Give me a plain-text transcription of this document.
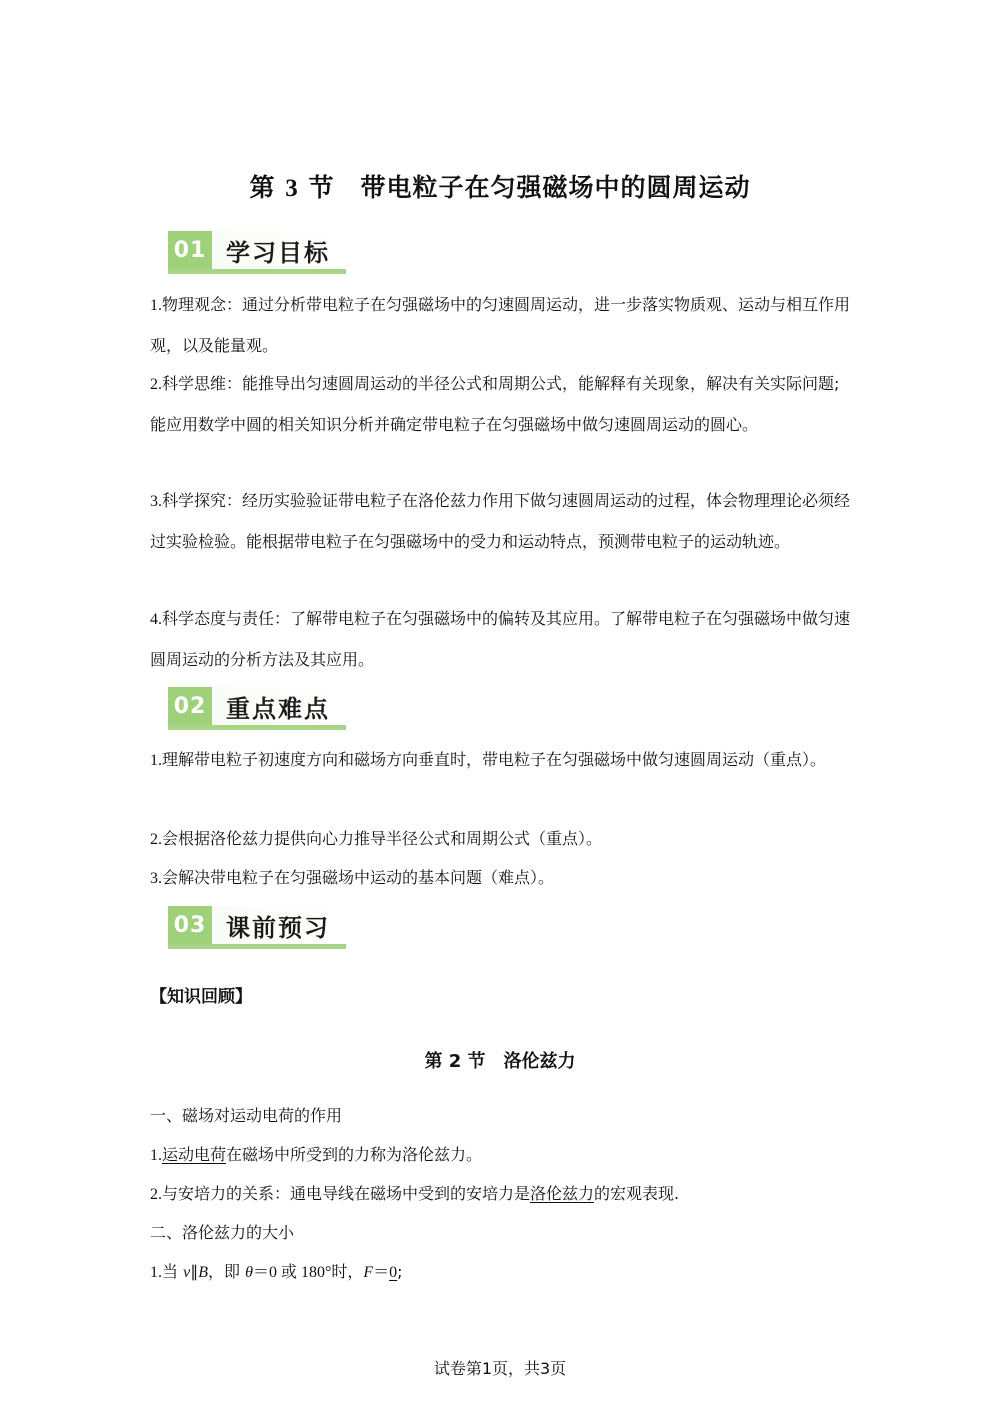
第 3 节　带电粒子在匀强磁场中的圆周运动
01 学习目标
1.物理观念：通过分析带电粒子在匀强磁场中的匀速圆周运动，进一步落实物质观、运动与相互作用观，以及能量观。
2.科学思维：能推导出匀速圆周运动的半径公式和周期公式，能解释有关现象，解决有关实际问题;能应用数学中圆的相关知识分析并确定带电粒子在匀强磁场中做匀速圆周运动的圆心。
3.科学探究：经历实验验证带电粒子在洛伦兹力作用下做匀速圆周运动的过程，体会物理理论必须经过实验检验。能根据带电粒子在匀强磁场中的受力和运动特点，预测带电粒子的运动轨迹。
4.科学态度与责任：了解带电粒子在匀强磁场中的偏转及其应用。了解带电粒子在匀强磁场中做匀速圆周运动的分析方法及其应用。
02 重点难点
1.理解带电粒子初速度方向和磁场方向垂直时，带电粒子在匀强磁场中做匀速圆周运动（重点）。
2.会根据洛伦兹力提供向心力推导半径公式和周期公式（重点）。
3.会解决带电粒子在匀强磁场中运动的基本问题（难点）。
03 课前预习
【知识回顾】
第 2 节　洛伦兹力
一、磁场对运动电荷的作用
1.运动电荷在磁场中所受到的力称为洛伦兹力。
2.与安培力的关系：通电导线在磁场中受到的安培力是洛伦兹力的宏观表现.
二、洛伦兹力的大小
1.当 v∥B，即 θ＝0 或 180°时，F＝0;
试卷第1页，共3页
